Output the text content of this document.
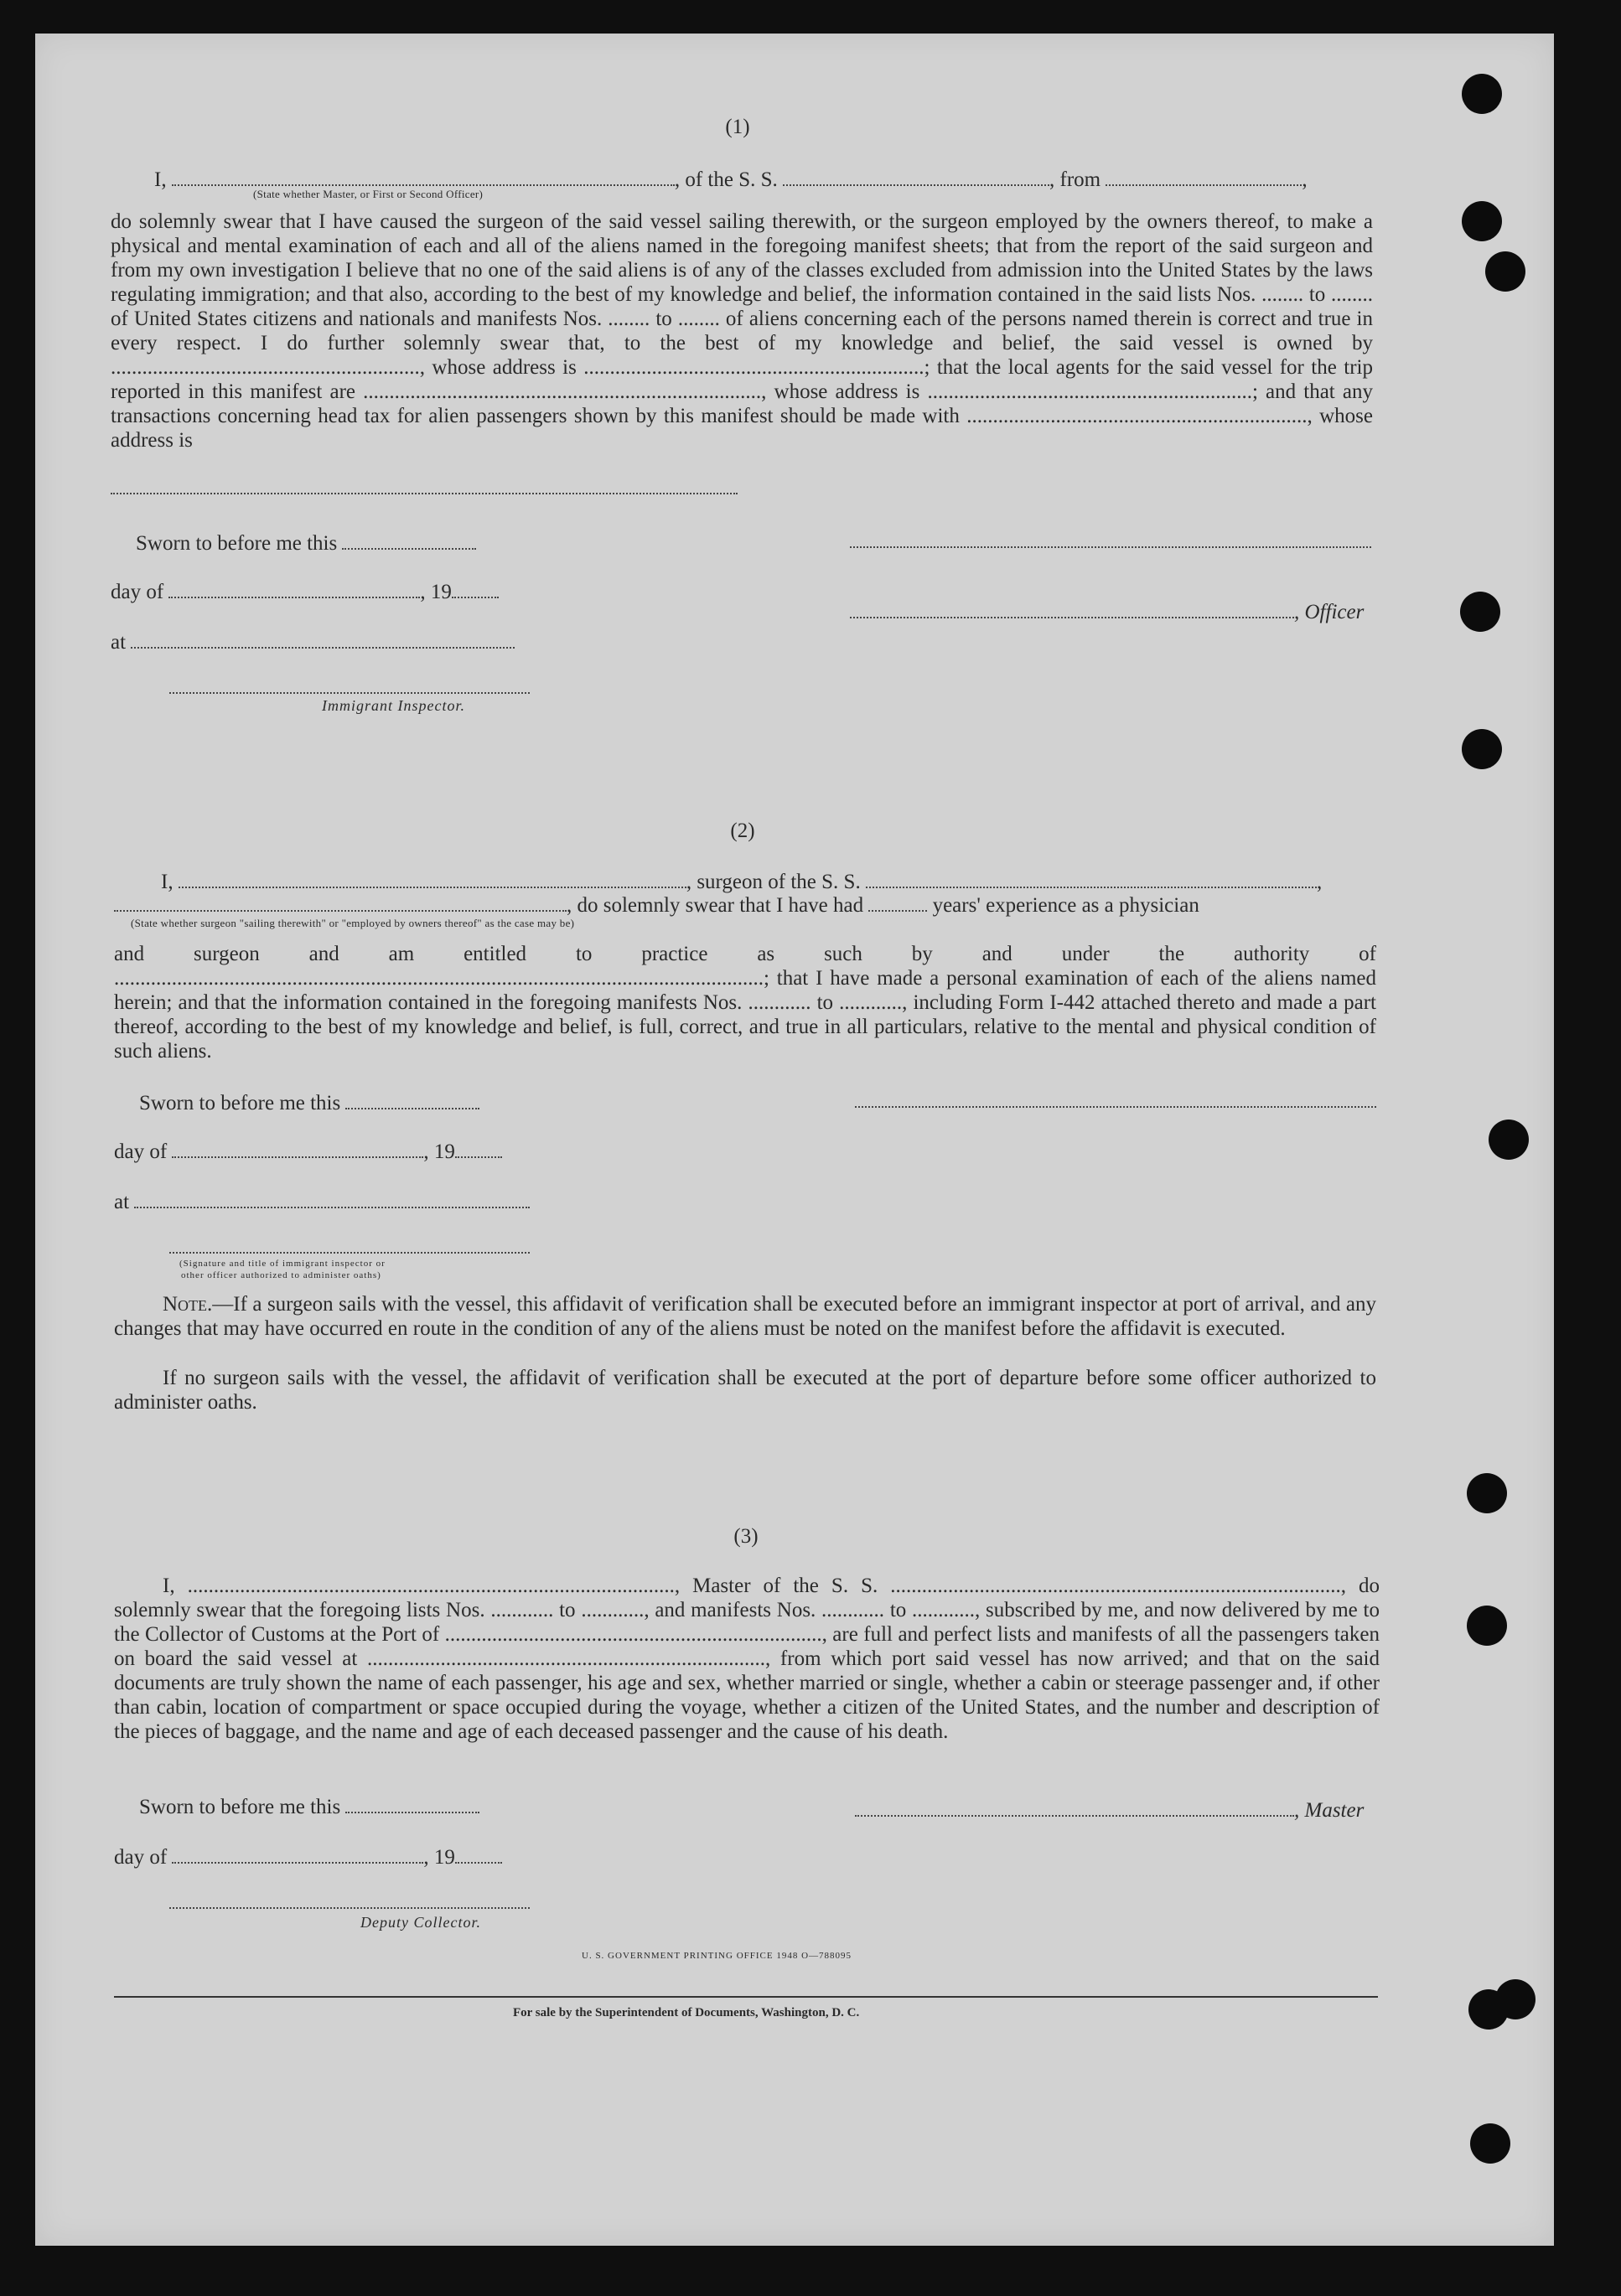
(1)
I,	, of the S. S.	, from	,
(State whether Master, or First or Second Officer)
do solemnly swear that I have caused the surgeon of the said vessel sailing therewith, or the surgeon employed by the owners thereof, to make a physical and mental examination of each and all of the aliens named in the foregoing manifest sheets; that from the report of the said surgeon and from my own investigation I believe that no one of the said aliens is of any of the classes excluded from admission into the United States by the laws regulating immigration; and that also, according to the best of my knowledge and belief, the information contained in the said lists Nos. ........ to ........ of United States citizens and nationals and manifests Nos. ........ to ........ of aliens concerning each of the persons named therein is correct and true in every respect. I do further solemnly swear that, to the best of my knowledge and belief, the said vessel is owned by ..........................................................., whose address is .................................................................; that the local agents for the said vessel for the trip reported in this manifest are ............................................................................, whose address is ..............................................................; and that any transactions concerning head tax for alien passengers shown by this manifest should be made with ................................................................., whose address is
Sworn to before me this
day of	, 19
, Officer
at
Immigrant Inspector.
(2)
I,	, surgeon of the S. S.	,
, do solemnly swear that I have had	years' experience as a physician
(State whether surgeon "sailing therewith" or "employed by owners thereof" as the case may be)
and surgeon and am entitled to practice as such by and under the authority of ............................................................................................................................; that I have made a personal examination of each of the aliens named herein; and that the information contained in the foregoing manifests Nos. ............ to ............, including Form I-442 attached thereto and made a part thereof, according to the best of my knowledge and belief, is full, correct, and true in all particulars, relative to the mental and physical condition of such aliens.
Sworn to before me this
day of	, 19
at
(Signature and title of immigrant inspector or
other officer authorized to administer oaths)
Note.—If a surgeon sails with the vessel, this affidavit of verification shall be executed before an immigrant inspector at port of arrival, and any changes that may have occurred en route in the condition of any of the aliens must be noted on the manifest before the affidavit is executed.
If no surgeon sails with the vessel, the affidavit of verification shall be executed at the port of departure before some officer authorized to administer oaths.
(3)
I, ............................................................................................., Master of the S. S. ......................................................................................, do solemnly swear that the foregoing lists Nos. ............ to ............, and manifests Nos. ............ to ............, subscribed by me, and now delivered by me to the Collector of Customs at the Port of ........................................................................, are full and perfect lists and manifests of all the passengers taken on board the said vessel at ............................................................................, from which port said vessel has now arrived; and that on the said documents are truly shown the name of each passenger, his age and sex, whether married or single, whether a cabin or steerage passenger and, if other than cabin, location of compartment or space occupied during the voyage, whether a citizen of the United States, and the number and description of the pieces of baggage, and the name and age of each deceased passenger and the cause of his death.
Sworn to before me this	, Master
day of	, 19
Deputy Collector.
U. S. GOVERNMENT PRINTING OFFICE 1948 O—788095
For sale by the Superintendent of Documents, Washington, D. C.
